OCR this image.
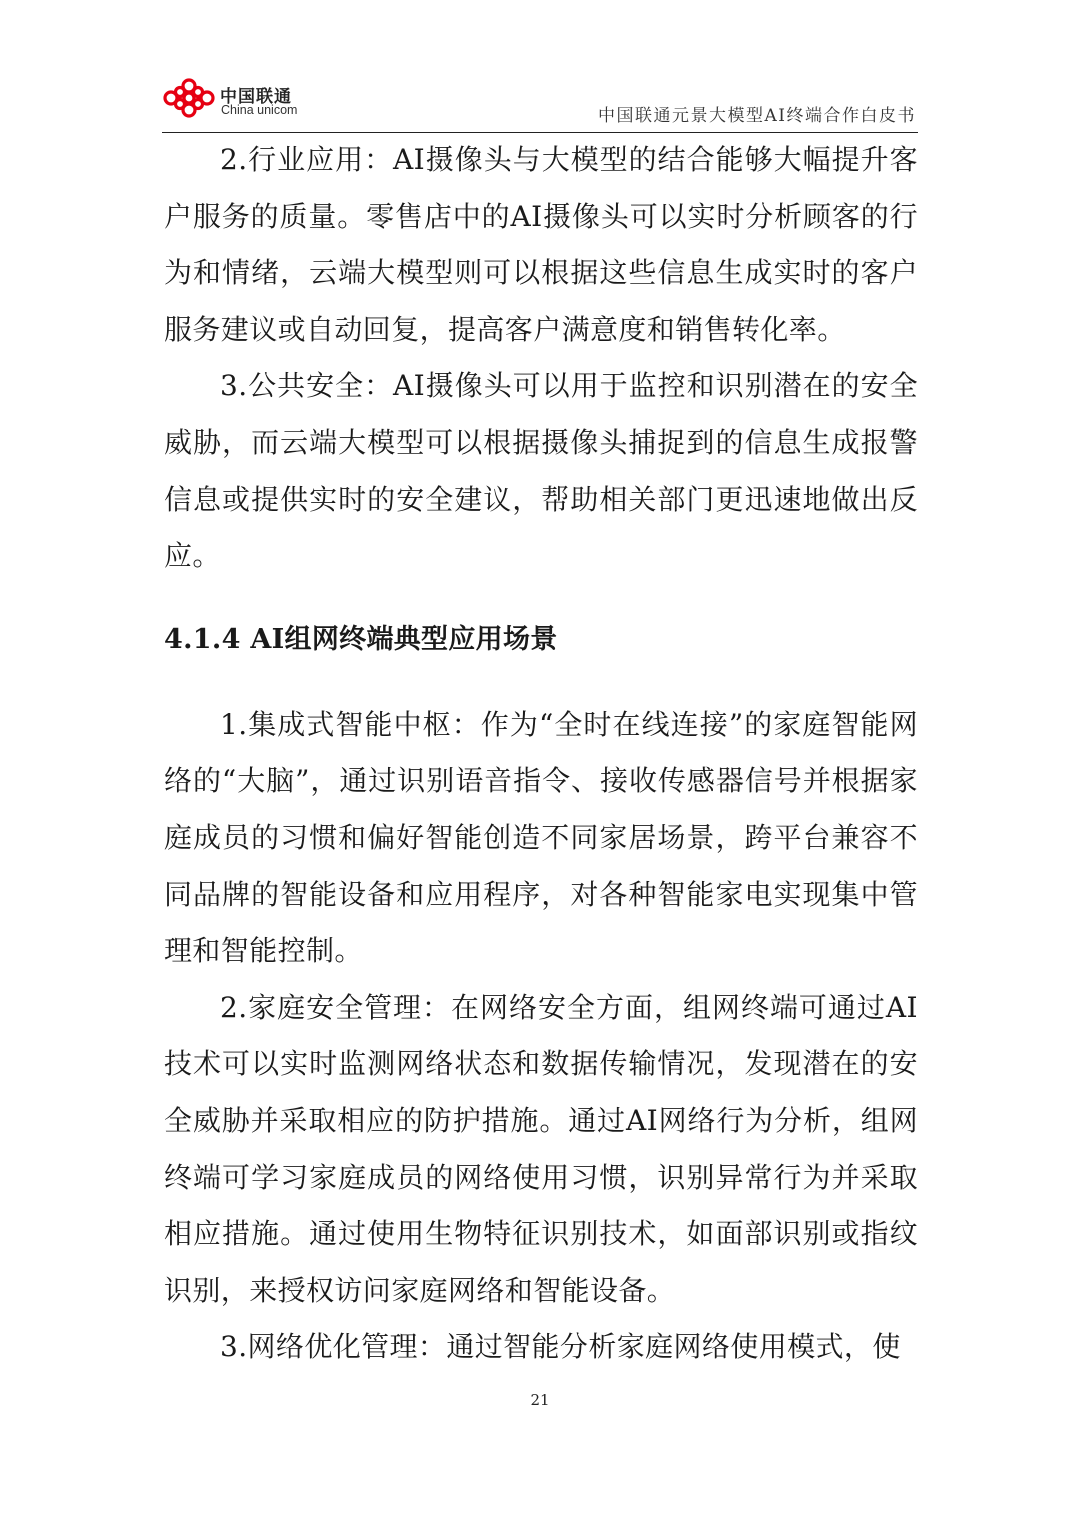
中国联通
China unicom	中国联通元景大模型AI终端合作白皮书

2.行业应用：AI摄像头与大模型的结合能够大幅提升客户服务的质量。零售店中的AI摄像头可以实时分析顾客的行为和情绪，云端大模型则可以根据这些信息生成实时的客户服务建议或自动回复，提高客户满意度和销售转化率。

3.公共安全：AI摄像头可以用于监控和识别潜在的安全威胁，而云端大模型可以根据摄像头捕捉到的信息生成报警信息或提供实时的安全建议，帮助相关部门更迅速地做出反应。

4.1.4 AI组网终端典型应用场景

1.集成式智能中枢：作为“全时在线连接”的家庭智能网络的“大脑”，通过识别语音指令、接收传感器信号并根据家庭成员的习惯和偏好智能创造不同家居场景，跨平台兼容不同品牌的智能设备和应用程序，对各种智能家电实现集中管理和智能控制。

2.家庭安全管理：在网络安全方面，组网终端可通过AI技术可以实时监测网络状态和数据传输情况，发现潜在的安全威胁并采取相应的防护措施。通过AI网络行为分析，组网终端可学习家庭成员的网络使用习惯，识别异常行为并采取相应措施。通过使用生物特征识别技术，如面部识别或指纹识别，来授权访问家庭网络和智能设备。

3.网络优化管理：通过智能分析家庭网络使用模式，使

21
